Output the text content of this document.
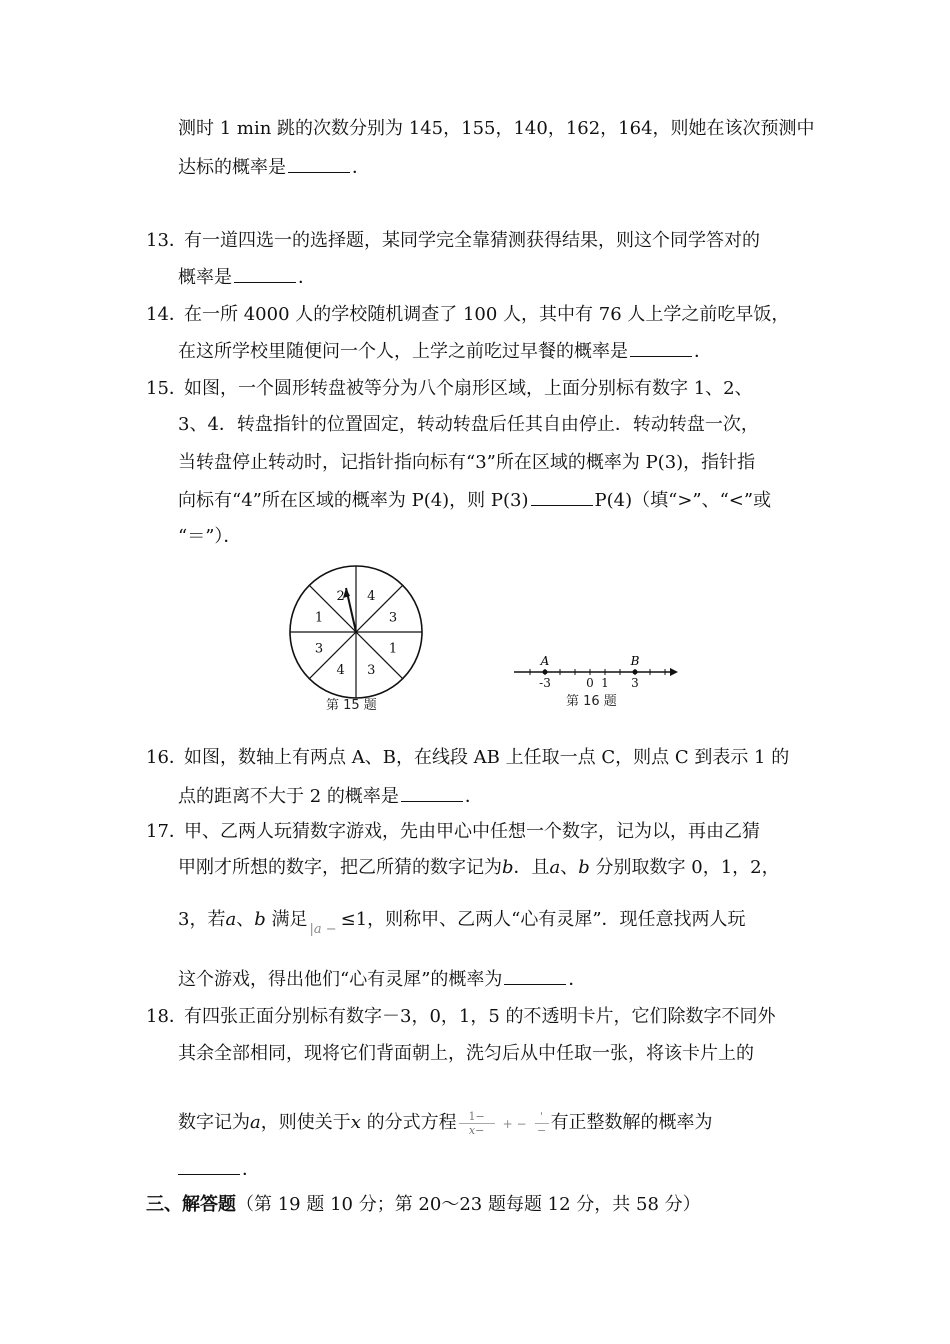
测时 1 min 跳的次数分别为 145，155，140，162，164，则她在该次预测中
达标的概率是	．
13．
有一道四选一的选择题，某同学完全靠猜测获得结果，则这个同学答对的
概率是	．
14．
在一所 4000 人的学校随机调查了 100 人，其中有 76 人上学之前吃早饭，
在这所学校里随便问一个人，上学之前吃过早餐的概率是	．
15．
如图，一个圆形转盘被等分为八个扇形区域，上面分别标有数字 1、2、
3、4．转盘指针的位置固定，转动转盘后任其自由停止．转动转盘一次，
当转盘停止转动时，记指针指向标有“3”所在区域的概率为 P(3)，指针指
向标有“4”所在区域的概率为 P(4)，则 P(3)	P(4)（填“>”、“<”或
“＝”）．
2 4
3
1
3
4
3
1
第 15 题
A	B
-3	0 1 3
第 16 题
16．
如图，数轴上有两点 A、B，在线段 AB 上任取一点 C，则点 C 到表示 1 的
点的距离不大于 2 的概率是	．
17．
甲、乙两人玩猜数字游戏，先由甲心中任想一个数字，记为以，再由乙猜
甲刚才所想的数字，把乙所猜的数字记为b．且a、b 分别取数字 0，1，2，
3，若a、b 满足 $_{|a -}$ ≤1，则称甲、乙两人“心有灵犀”．现任意找两人玩
这个游戏，得出他们“心有灵犀”的概率为	．
18．
有四张正面分别标有数字－3，0，1，5 的不透明卡片，它们除数字不同外
其余全部相同，现将它们背面朝上，洗匀后从中任取一张，将该卡片上的
数字记为a，则使关于x 的分式方程 $\frac{1-}{x-}$ + − $\frac{'}{-}$ 有正整数解的概率为
．
三、解答题（第 19 题 10 分；第 20～23 题每题 12 分，共 58 分）
